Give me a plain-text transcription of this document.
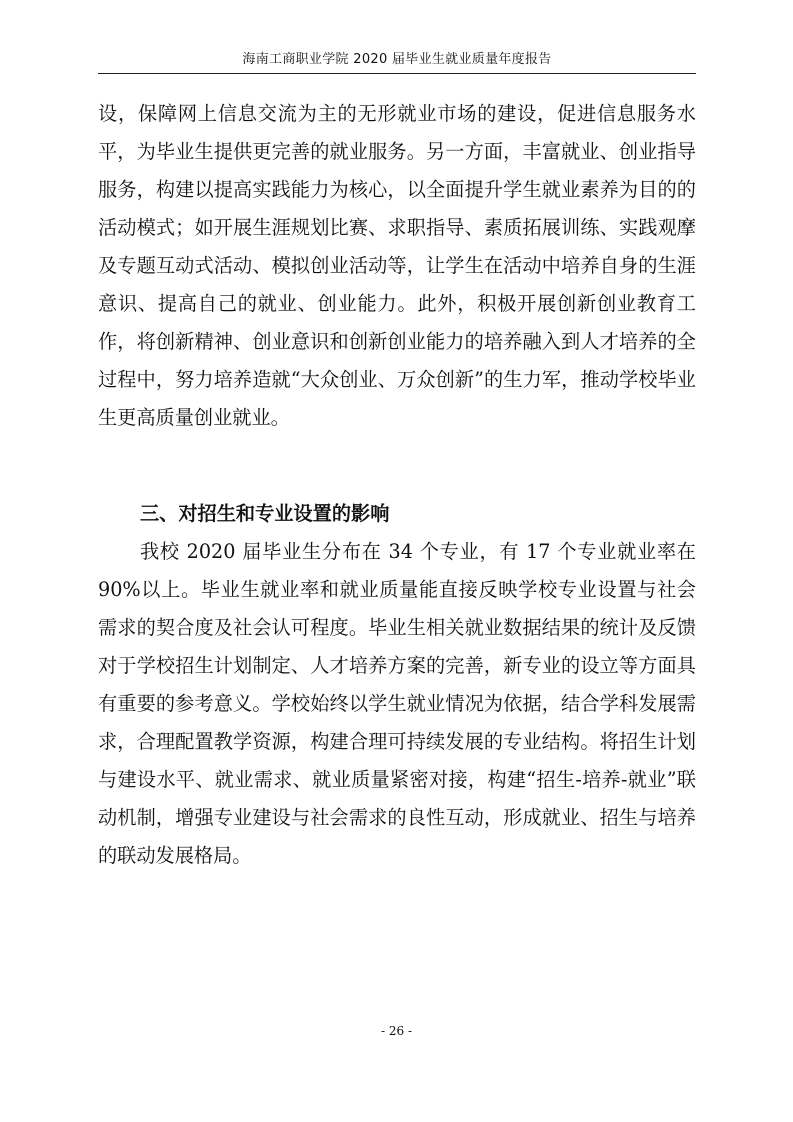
海南工商职业学院 2020 届毕业生就业质量年度报告

设，保障网上信息交流为主的无形就业市场的建设，促进信息服务水平，为毕业生提供更完善的就业服务。另一方面，丰富就业、创业指导服务，构建以提高实践能力为核心，以全面提升学生就业素养为目的的活动模式；如开展生涯规划比赛、求职指导、素质拓展训练、实践观摩及专题互动式活动、模拟创业活动等，让学生在活动中培养自身的生涯意识、提高自己的就业、创业能力。此外，积极开展创新创业教育工作，将创新精神、创业意识和创新创业能力的培养融入到人才培养的全过程中，努力培养造就“大众创业、万众创新”的生力军，推动学校毕业生更高质量创业就业。

三、对招生和专业设置的影响

我校 2020 届毕业生分布在 34 个专业，有 17 个专业就业率在 90%以上。毕业生就业率和就业质量能直接反映学校专业设置与社会需求的契合度及社会认可程度。毕业生相关就业数据结果的统计及反馈对于学校招生计划制定、人才培养方案的完善，新专业的设立等方面具有重要的参考意义。学校始终以学生就业情况为依据，结合学科发展需求，合理配置教学资源，构建合理可持续发展的专业结构。将招生计划与建设水平、就业需求、就业质量紧密对接，构建“招生-培养-就业”联动机制，增强专业建设与社会需求的良性互动，形成就业、招生与培养的联动发展格局。

- 26 -
